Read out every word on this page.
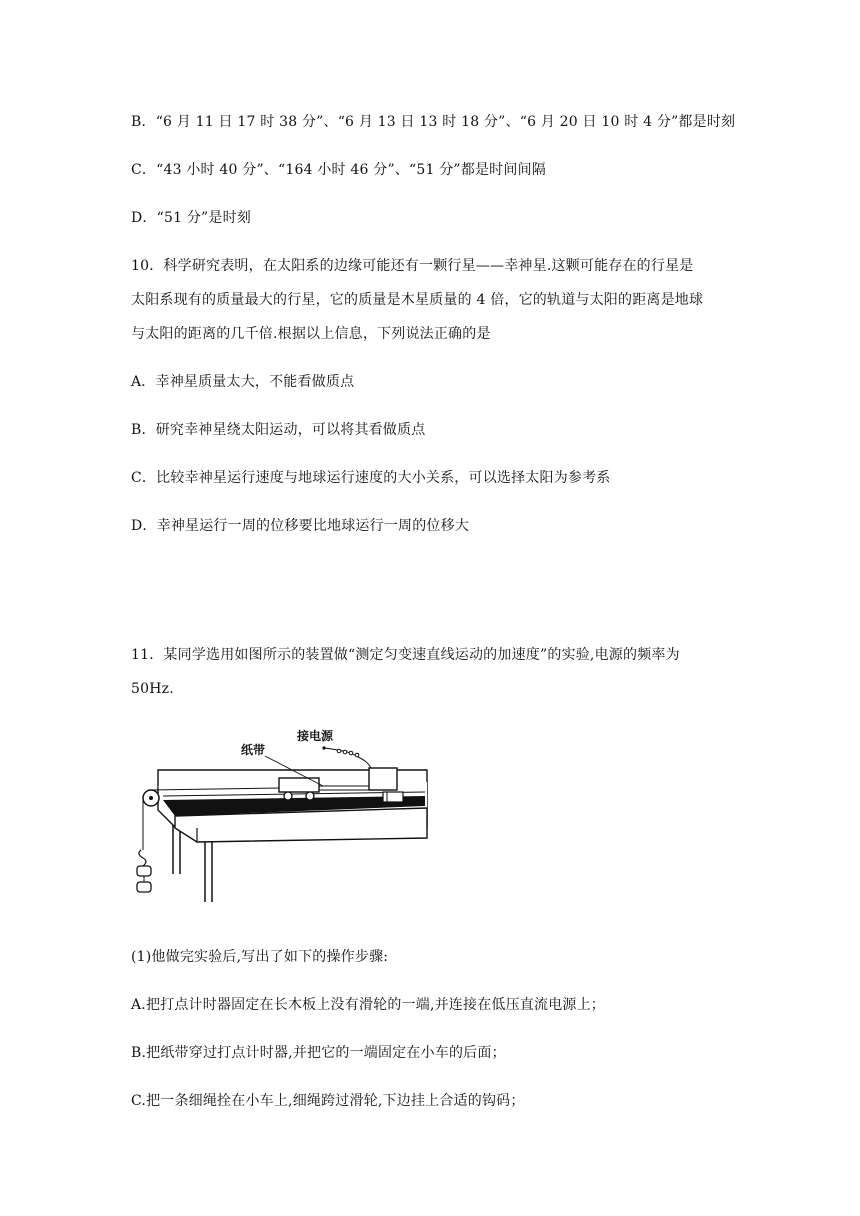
B．“6 月 11 日 17 时 38 分”、“6 月 13 日 13 时 18 分”、“6 月 20 日 10 时 4 分”都是时刻

C．“43 小时 40 分”、“164 小时 46 分”、“51 分”都是时间间隔

D．“51 分”是时刻

10．科学研究表明，在太阳系的边缘可能还有一颗行星——幸神星.这颗可能存在的行星是

太阳系现有的质量最大的行星，它的质量是木星质量的 4 倍，它的轨道与太阳的距离是地球

与太阳的距离的几千倍.根据以上信息，下列说法正确的是

A．幸神星质量太大，不能看做质点

B．研究幸神星绕太阳运动，可以将其看做质点

C．比较幸神星运行速度与地球运行速度的大小关系，可以选择太阳为参考系

D．幸神星运行一周的位移要比地球运行一周的位移大

11．某同学选用如图所示的装置做“测定匀变速直线运动的加速度”的实验,电源的频率为

50Hz.

纸带
接电源

(1)他做完实验后,写出了如下的操作步骤:

A.把打点计时器固定在长木板上没有滑轮的一端,并连接在低压直流电源上；

B.把纸带穿过打点计时器,并把它的一端固定在小车的后面；

C.把一条细绳拴在小车上,细绳跨过滑轮,下边挂上合适的钩码；
